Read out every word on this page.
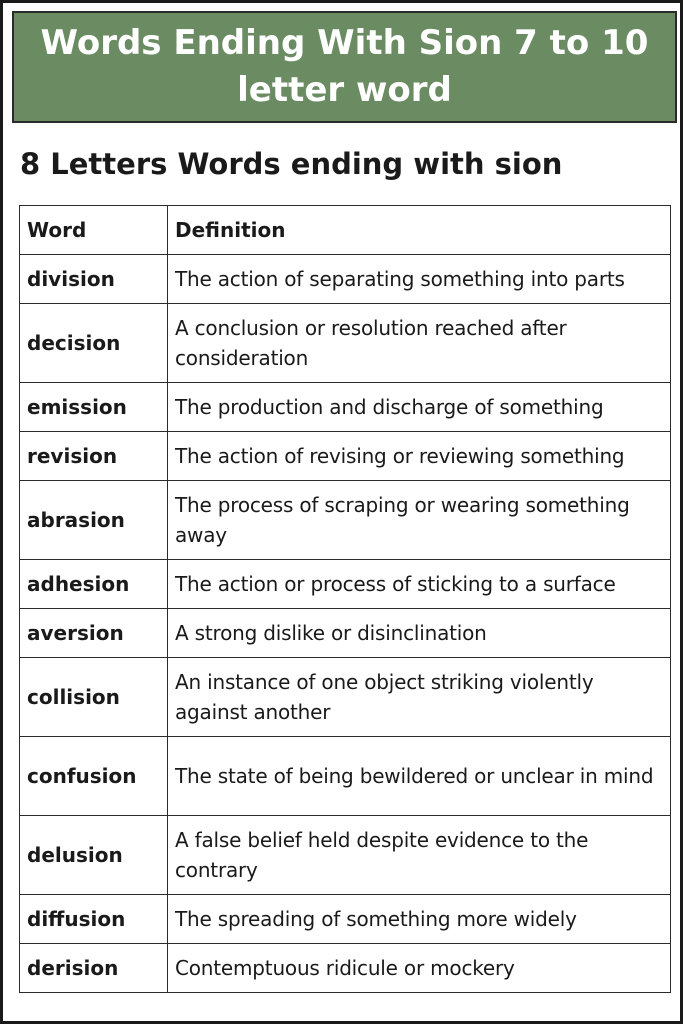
Words Ending With Sion 7 to 10 letter word
8 Letters Words ending with sion
Word	Definition
division	The action of separating something into parts
decision	A conclusion or resolution reached after consideration
emission	The production and discharge of something
revision	The action of revising or reviewing something
abrasion	The process of scraping or wearing something away
adhesion	The action or process of sticking to a surface
aversion	A strong dislike or disinclination
collision	An instance of one object striking violently against another
confusion	The state of being bewildered or unclear in mind
delusion	A false belief held despite evidence to the contrary
diffusion	The spreading of something more widely
derision	Contemptuous ridicule or mockery
